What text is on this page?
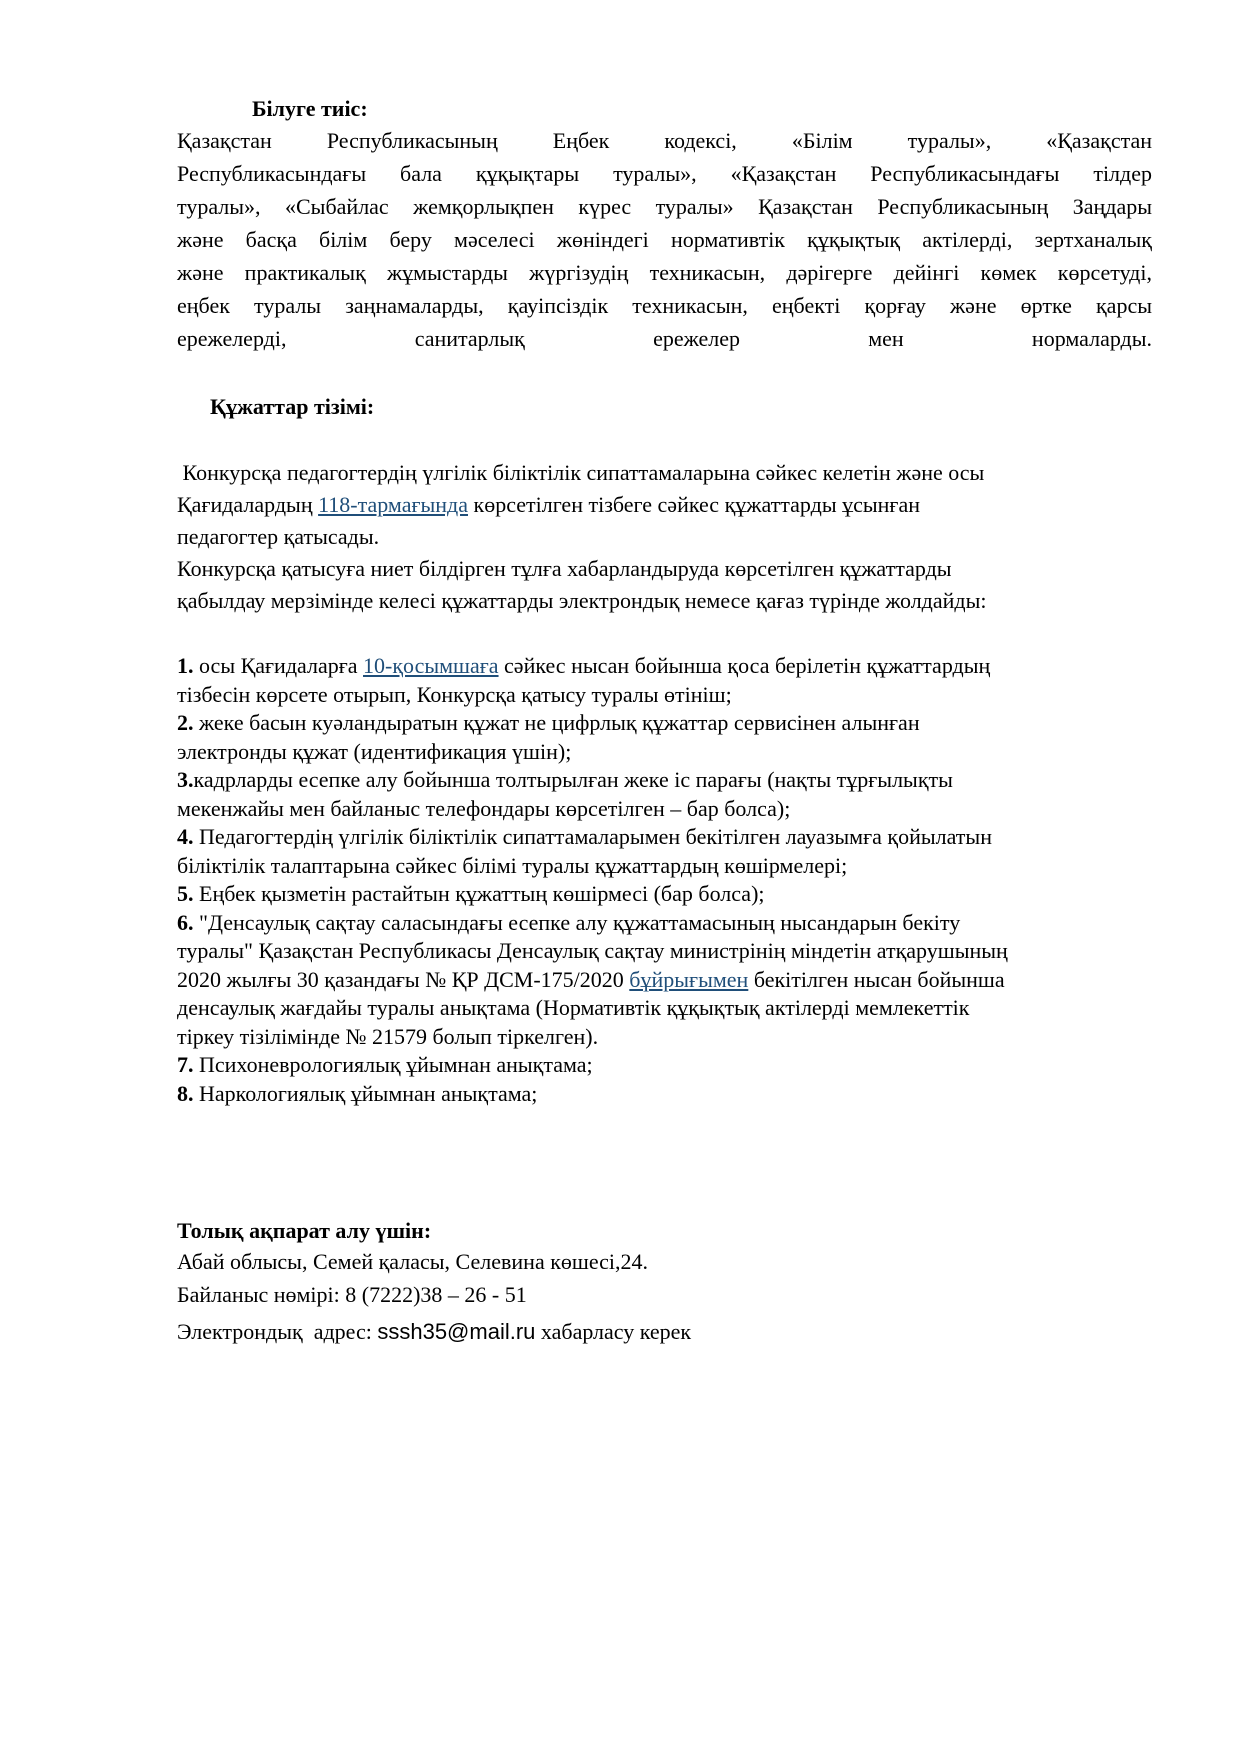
Білуге тиіс:
Қазақстан	Республикасының	Еңбек кодексі, «Білім	туралы», «Қазақстан
Республикасындағы бала құқықтары туралы», «Қазақстан Республикасындағы тілдер
туралы», «Сыбайлас жемқорлықпен күрес туралы» Қазақстан Республикасының Заңдары
және басқа білім беру мәселесі жөніндегі нормативтік құқықтық актілерді, зертханалық
және практикалық жұмыстарды жүргізудің техникасын, дәрігерге дейінгі көмек көрсетуді,
еңбек туралы заңнамаларды, қауіпсіздік техникасын, еңбекті қорғау және өртке қарсы
ережелерді,	санитарлық	ережелер	мен	нормаларды.
Құжаттар тізімі:
Конкурсқа педагогтердің үлгілік біліктілік сипаттамаларына сәйкес келетін және осы
Қағидалардың 118-тармағында көрсетілген тізбеге сәйкес құжаттарды ұсынған
педагогтер қатысады.
Конкурсқа қатысуға ниет білдірген тұлға хабарландыруда көрсетілген құжаттарды
қабылдау мерзімінде келесі құжаттарды электрондық немесе қағаз түрінде жолдайды:
1. осы Қағидаларға 10-қосымшаға сәйкес нысан бойынша қоса берілетін құжаттардың
тізбесін көрсете отырып, Конкурсқа қатысу туралы өтініш;
2. жеке басын куәландыратын құжат не цифрлық құжаттар сервисінен алынған
электронды құжат (идентификация үшін);
3.кадрларды есепке алу бойынша толтырылған жеке іс парағы (нақты тұрғылықты
мекенжайы мен байланыс телефондары көрсетілген – бар болса);
4. Педагогтердің үлгілік біліктілік сипаттамаларымен бекітілген лауазымға қойылатын
біліктілік талаптарына сәйкес білімі туралы құжаттардың көшірмелері;
5. Еңбек қызметін растайтын құжаттың көшірмесі (бар болса);
6. "Денсаулық сақтау саласындағы есепке алу құжаттамасының нысандарын бекіту
туралы" Қазақстан Республикасы Денсаулық сақтау министрінің міндетін атқарушының
2020 жылғы 30 қазандағы № ҚР ДСМ-175/2020 бұйрығымен бекітілген нысан бойынша
денсаулық жағдайы туралы анықтама (Нормативтік құқықтық актілерді мемлекеттік
тіркеу тізілімінде № 21579 болып тіркелген).
7. Психоневрологиялық ұйымнан анықтама;
8. Наркологиялық ұйымнан анықтама;
Толық ақпарат алу үшін:
Абай облысы, Семей қаласы, Селевина көшесі,24.
Байланыс нөмірі: 8 (7222)38 – 26 - 51
Электрондық  адрес: sssh35@mail.ru хабарласу керек
